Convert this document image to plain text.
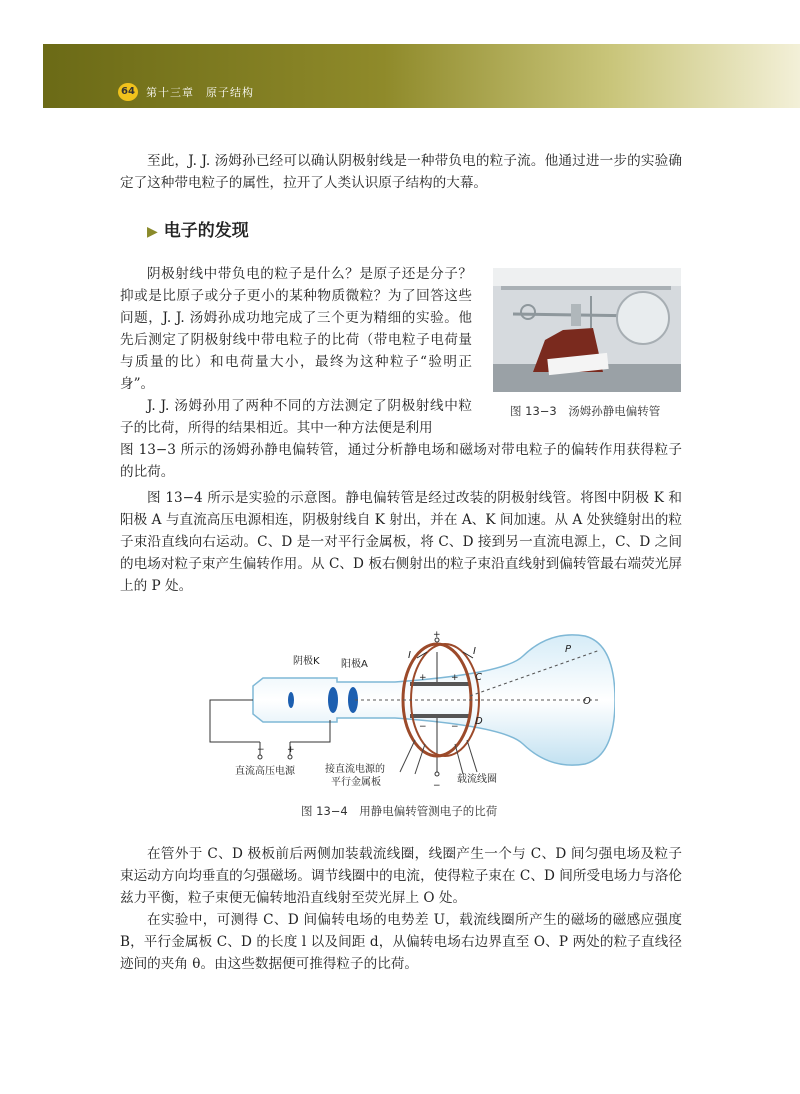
64 第十三章　原子结构

至此，J. J. 汤姆孙已经可以确认阴极射线是一种带负电的粒子流。他通过进一步的实验确定了这种带电粒子的属性，拉开了人类认识原子结构的大幕。

▶ 电子的发现

阴极射线中带负电的粒子是什么？是原子还是分子？抑或是比原子或分子更小的某种物质微粒？为了回答这些问题，J. J. 汤姆孙成功地完成了三个更为精细的实验。他先后测定了阴极射线中带电粒子的比荷（带电粒子电荷量与质量的比）和电荷量大小，最终为这种粒子“验明正身”。

J. J. 汤姆孙用了两种不同的方法测定了阴极射线中粒子的比荷，所得的结果相近。其中一种方法便是利用

图 13−3 所示的汤姆孙静电偏转管，通过分析静电场和磁场对带电粒子的偏转作用获得粒子的比荷。

图 13−3　汤姆孙静电偏转管

图 13−4 所示是实验的示意图。静电偏转管是经过改装的阴极射线管。将图中阴极 K 和阳极 A 与直流高压电源相连，阴极射线自 K 射出，并在 A、K 间加速。从 A 处狭缝射出的粒子束沿直线向右运动。C、D 是一对平行金属板，将 C、D 接到另一直流电源上，C、D 之间的电场对粒子束产生偏转作用。从 C、D 板右侧射出的粒子束沿直线射到偏转管最右端荧光屏上的 P 处。

阴极K 阳极A
直流高压电源	接直流电源的
平行金属板	载流线圈
I	I	P
O
C
D
+
−
− +
+	+
−	−
图 13−4　用静电偏转管测电子的比荷

在管外于 C、D 极板前后两侧加装载流线圈，线圈产生一个与 C、D 间匀强电场及粒子束运动方向均垂直的匀强磁场。调节线圈中的电流，使得粒子束在 C、D 间所受电场力与洛伦兹力平衡，粒子束便无偏转地沿直线射至荧光屏上 O 处。

在实验中，可测得 C、D 间偏转电场的电势差 U，载流线圈所产生的磁场的磁感应强度 B，平行金属板 C、D 的长度 l 以及间距 d，从偏转电场右边界直至 O、P 两处的粒子直线径迹间的夹角 θ。由这些数据便可推得粒子的比荷。
